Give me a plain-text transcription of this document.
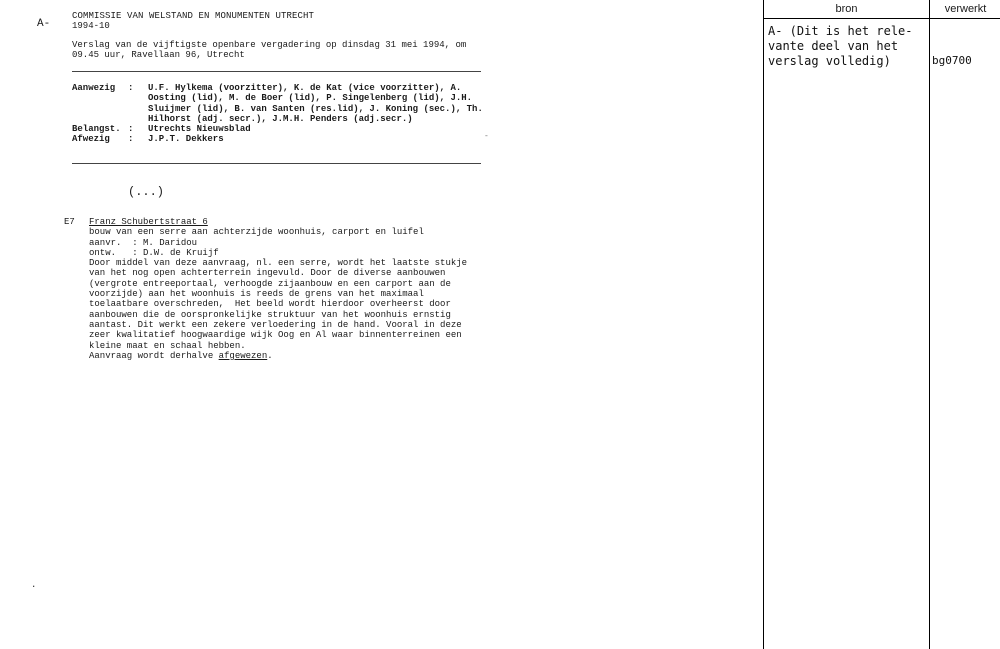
A-
COMMISSIE VAN WELSTAND EN MONUMENTEN UTRECHT
1994-10
Verslag van de vijftigste openbare vergadering op dinsdag 31 mei 1994, om
09.45 uur, Ravellaan 96, Utrecht
Aanwezig	:	U.F. Hylkema (voorzitter), K. de Kat (vice voorzitter), A.
Oosting (lid), M. de Boer (lid), P. Singelenberg (lid), J.H.
Sluijmer (lid), B. van Santen (res.lid), J. Koning (sec.), Th.
Hilhorst (adj. secr.), J.M.H. Penders (adj.secr.)
Belangst. :	Utrechts Nieuwsblad
Afwezig	:	J.P.T. Dekkers	-
(...)
E7 Franz Schubertstraat 6
bouw van een serre aan achterzijde woonhuis, carport en luifel
aanvr.  : M. Daridou
ontw.   : D.W. de Kruijf
Door middel van deze aanvraag, nl. een serre, wordt het laatste stukje
van het nog open achterterrein ingevuld. Door de diverse aanbouwen
(vergrote entreeportaal, verhoogde zijaanbouw en een carport aan de
voorzijde) aan het woonhuis is reeds de grens van het maximaal
toelaatbare overschreden,  Het beeld wordt hierdoor overheerst door
aanbouwen die de oorspronkelijke struktuur van het woonhuis ernstig
aantast. Dit werkt een zekere verloedering in de hand. Vooral in deze
zeer kwalitatief hoogwaardige wijk Oog en Al waar binnenterreinen een
kleine maat en schaal hebben.
Aanvraag wordt derhalve afgewezen.
·
bron	verwerkt
A- (Dit is het rele-
vante deel van het
verslag volledig)	bg0700
